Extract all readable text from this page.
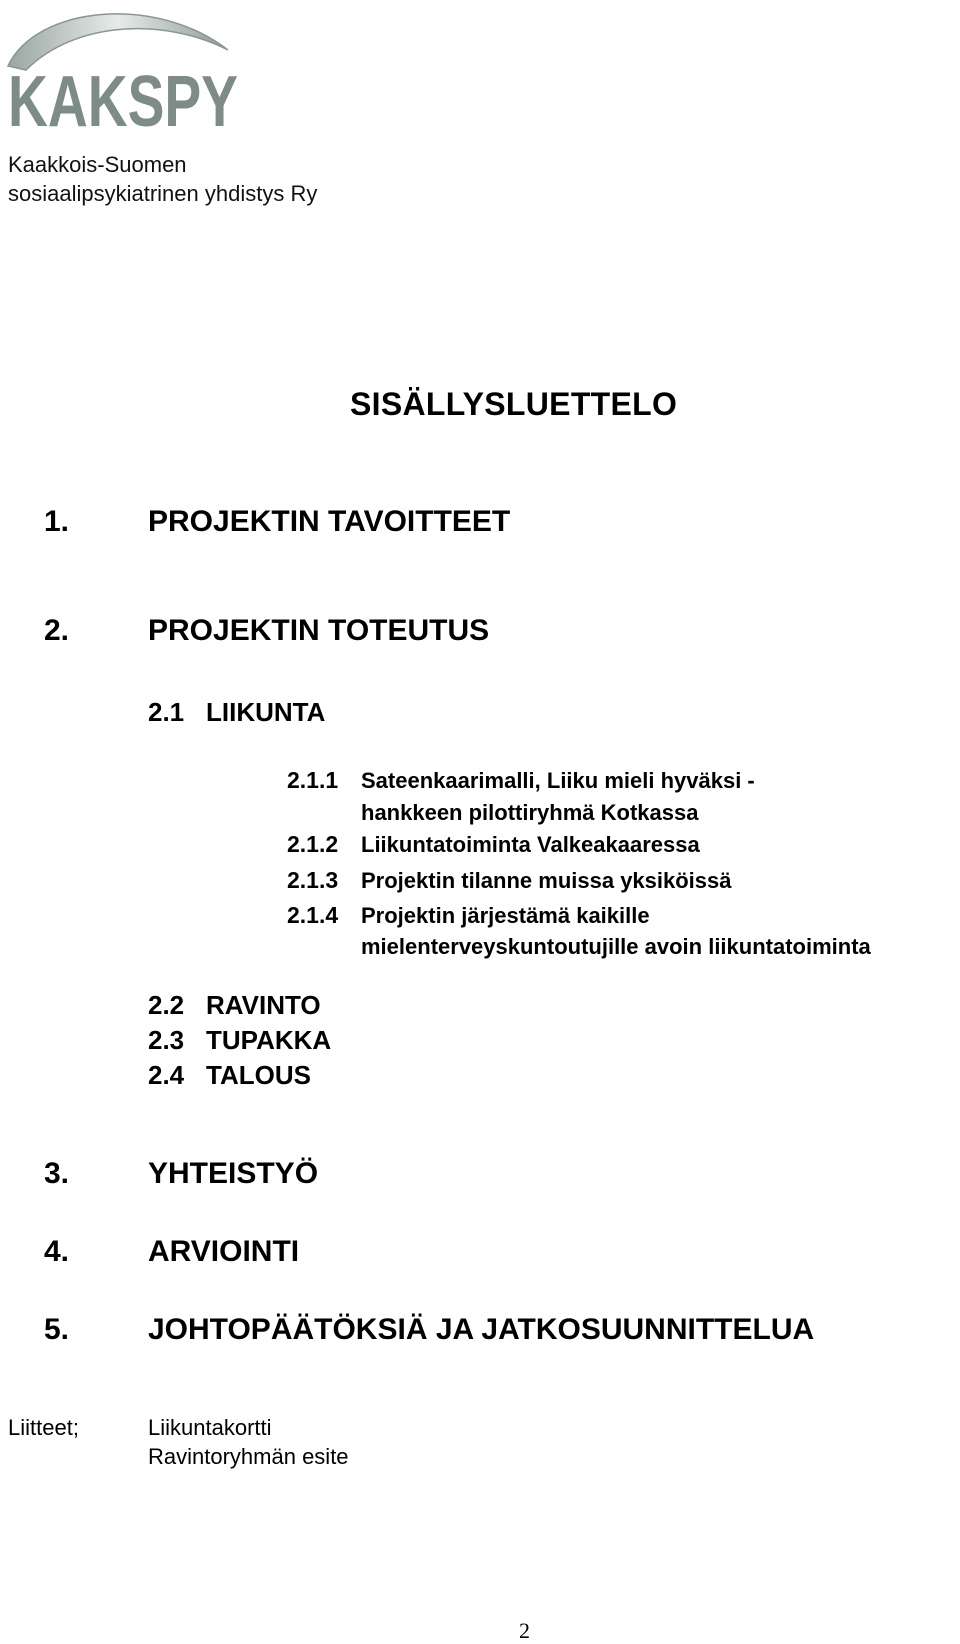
KAKSPY
Kaakkois-Suomen
sosiaalipsykiatrinen yhdistys Ry
SISÄLLYSLUETTELO
1.	PROJEKTIN TAVOITTEET
2.	PROJEKTIN TOTEUTUS
2.1 LIIKUNTA
2.1.1 Sateenkaarimalli, Liiku mieli hyväksi -
hankkeen pilottiryhmä Kotkassa
2.1.2 Liikuntatoiminta Valkeakaaressa
2.1.3 Projektin tilanne muissa yksiköissä
2.1.4 Projektin järjestämä kaikille
mielenterveyskuntoutujille avoin liikuntatoiminta
2.2 RAVINTO
2.3 TUPAKKA
2.4 TALOUS
3.	YHTEISTYÖ
4.	ARVIOINTI
5.	JOHTOPÄÄTÖKSIÄ JA JATKOSUUNNITTELUA
Liitteet;	Liikuntakortti
Ravintoryhmän esite
2
